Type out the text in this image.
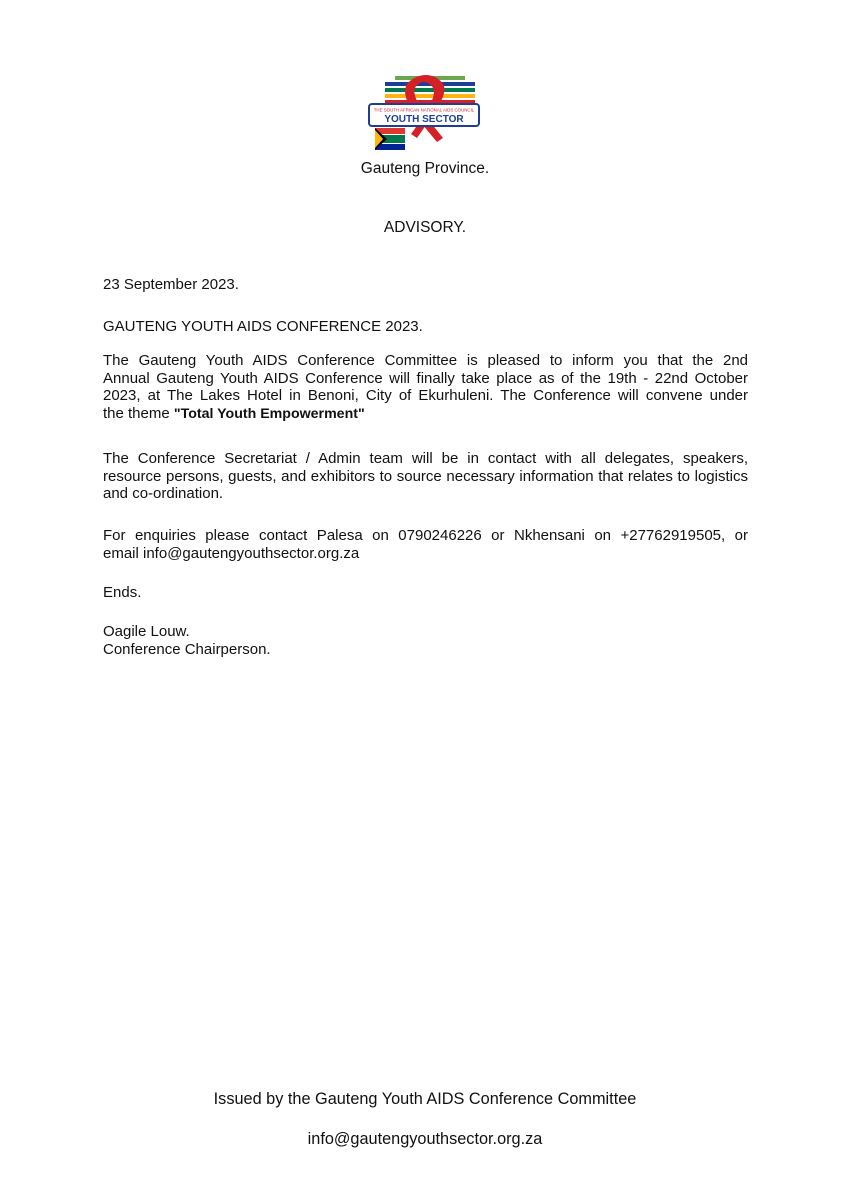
THE SOUTH AFRICAN NATIONAL AIDS COUNCIL
YOUTH SECTOR
Gauteng Province.
ADVISORY.
23 September 2023.
GAUTENG YOUTH AIDS CONFERENCE 2023.
The Gauteng Youth AIDS Conference Committee is pleased to inform you that the 2nd
Annual Gauteng Youth AIDS Conference will finally take place as of the 19th - 22nd October
2023, at The Lakes Hotel in Benoni, City of Ekurhuleni. The Conference will convene under
the theme "Total Youth Empowerment"
The Conference Secretariat / Admin team will be in contact with all delegates, speakers, resource persons, guests, and exhibitors to source necessary information that relates to logistics and co-ordination.
For enquiries please contact Palesa on 0790246226 or Nkhensani on +27762919505, or
email info@gautengyouthsector.org.za
Ends.
Oagile Louw.
Conference Chairperson.
Issued by the Gauteng Youth AIDS Conference Committee
info@gautengyouthsector.org.za
